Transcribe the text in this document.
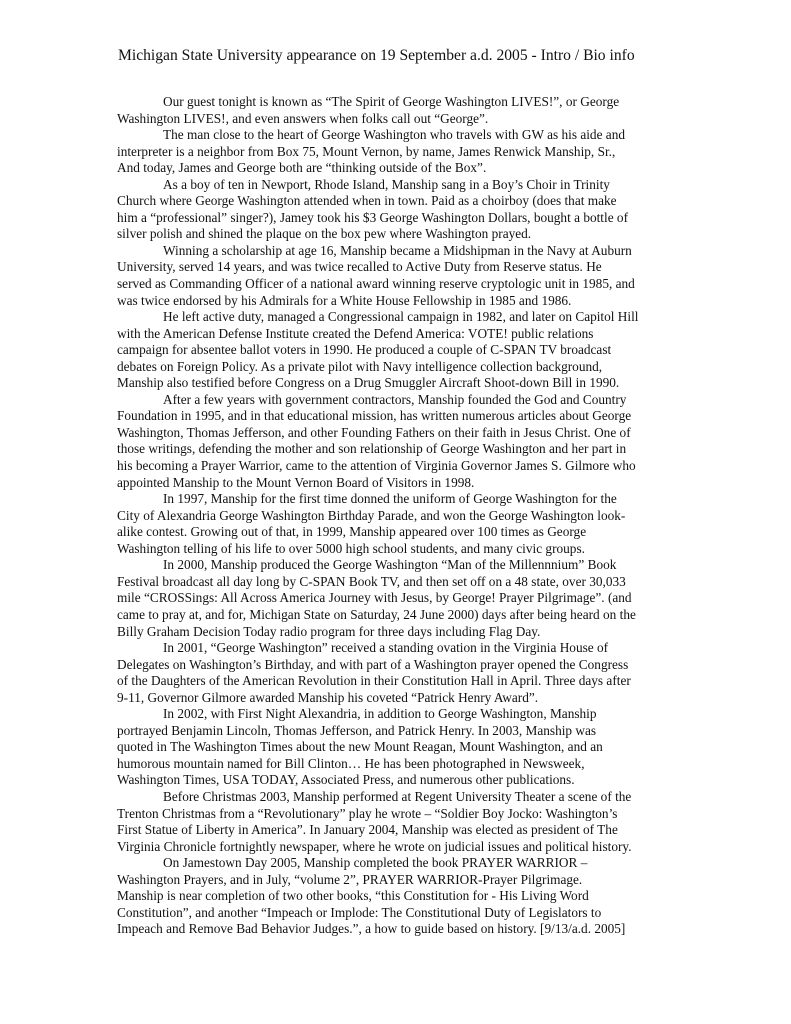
Michigan State University appearance on 19 September a.d. 2005 - Intro / Bio info

Our guest tonight is known as “The Spirit of George Washington LIVES!”, or George
Washington LIVES!, and even answers when folks call out “George”.

The man close to the heart of George Washington who travels with GW as his aide and
interpreter is a neighbor from Box 75, Mount Vernon, by name, James Renwick Manship, Sr.,
And today, James and George both are “thinking outside of the Box”.

As a boy of ten in Newport, Rhode Island, Manship sang in a Boy’s Choir in Trinity
Church where George Washington attended when in town. Paid as a choirboy (does that make
him a “professional” singer?), Jamey took his $3 George Washington Dollars, bought a bottle of
silver polish and shined the plaque on the box pew where Washington prayed.

Winning a scholarship at age 16, Manship became a Midshipman in the Navy at Auburn
University, served 14 years, and was twice recalled to Active Duty from Reserve status. He
served as Commanding Officer of a national award winning reserve cryptologic unit in 1985, and
was twice endorsed by his Admirals for a White House Fellowship in 1985 and 1986.

He left active duty, managed a Congressional campaign in 1982, and later on Capitol Hill
with the American Defense Institute created the Defend America: VOTE! public relations
campaign for absentee ballot voters in 1990. He produced a couple of C-SPAN TV broadcast
debates on Foreign Policy. As a private pilot with Navy intelligence collection background,
Manship also testified before Congress on a Drug Smuggler Aircraft Shoot-down Bill in 1990.

After a few years with government contractors, Manship founded the God and Country
Foundation in 1995, and in that educational mission, has written numerous articles about George
Washington, Thomas Jefferson, and other Founding Fathers on their faith in Jesus Christ. One of
those writings, defending the mother and son relationship of George Washington and her part in
his becoming a Prayer Warrior, came to the attention of Virginia Governor James S. Gilmore who
appointed Manship to the Mount Vernon Board of Visitors in 1998.

In 1997, Manship for the first time donned the uniform of George Washington for the
City of Alexandria George Washington Birthday Parade, and won the George Washington look-
alike contest. Growing out of that, in 1999, Manship appeared over 100 times as George
Washington telling of his life to over 5000 high school students, and many civic groups.

In 2000, Manship produced the George Washington “Man of the Millennnium” Book
Festival broadcast all day long by C-SPAN Book TV, and then set off on a 48 state, over 30,033
mile “CROSSings: All Across America Journey with Jesus, by George! Prayer Pilgrimage”. (and
came to pray at, and for, Michigan State on Saturday, 24 June 2000) days after being heard on the
Billy Graham Decision Today radio program for three days including Flag Day.

In 2001, “George Washington” received a standing ovation in the Virginia House of
Delegates on Washington’s Birthday, and with part of a Washington prayer opened the Congress
of the Daughters of the American Revolution in their Constitution Hall in April. Three days after
9-11, Governor Gilmore awarded Manship his coveted “Patrick Henry Award”.

In 2002, with First Night Alexandria, in addition to George Washington, Manship
portrayed Benjamin Lincoln, Thomas Jefferson, and Patrick Henry. In 2003, Manship was
quoted in The Washington Times about the new Mount Reagan, Mount Washington, and an
humorous mountain named for Bill Clinton… He has been photographed in Newsweek,
Washington Times, USA TODAY, Associated Press, and numerous other publications.

Before Christmas 2003, Manship performed at Regent University Theater a scene of the
Trenton Christmas from a “Revolutionary” play he wrote – “Soldier Boy Jocko: Washington’s
First Statue of Liberty in America”. In January 2004, Manship was elected as president of The
Virginia Chronicle fortnightly newspaper, where he wrote on judicial issues and political history.

On Jamestown Day 2005, Manship completed the book PRAYER WARRIOR –
Washington Prayers, and in July, “volume 2”, PRAYER WARRIOR-Prayer Pilgrimage.
Manship is near completion of two other books, “this Constitution for - His Living Word
Constitution”, and another “Impeach or Implode: The Constitutional Duty of Legislators to
Impeach and Remove Bad Behavior Judges.”, a how to guide based on history. [9/13/a.d. 2005]
